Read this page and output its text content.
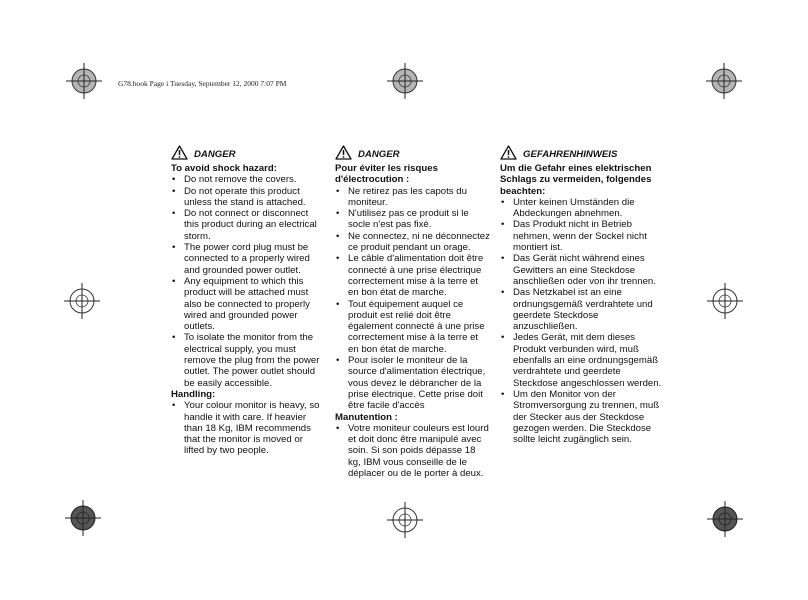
G78.book Page i Tuesday, September 12, 2000 7:07 PM
DANGER
To avoid shock hazard:
• Do not remove the covers.
• Do not operate this product unless the stand is attached.
• Do not connect or disconnect this product during an electrical storm.
• The power cord plug must be connected to a properly wired and grounded power outlet.
• Any equipment to which this product will be attached must also be connected to properly wired and grounded power outlets.
• To isolate the monitor from the electrical supply, you must remove the plug from the power outlet. The power outlet should be easily accessible.
Handling:
• Your colour monitor is heavy, so handle it with care. If heavier than 18 Kg, IBM recommends that the monitor is moved or lifted by two people.
DANGER
Pour éviter les risques d'électrocution :
• Ne retirez pas les capots du moniteur.
• N'utilisez pas ce produit si le socle n'est pas fixé.
• Ne connectez, ni ne déconnectez ce produit pendant un orage.
• Le câble d'alimentation doit être connecté à une prise électrique correctement mise à la terre et en bon état de marche.
• Tout équipement auquel ce produit est relié doit être également connecté à une prise correctement mise à la terre et en bon état de marche.
• Pour isoler le moniteur de la source d'alimentation électrique, vous devez le débrancher de la prise électrique. Cette prise doit être facile d'accès
Manutention :
• Votre moniteur couleurs est lourd et doit donc être manipulé avec soin. Si son poids dépasse 18 kg, IBM vous conseille de le déplacer ou de le porter à deux.
GEFAHRENHINWEIS
Um die Gefahr eines elektrischen Schlags zu vermeiden, folgendes beachten:
• Unter keinen Umständen die Abdeckungen abnehmen.
• Das Produkt nicht in Betrieb nehmen, wenn der Sockel nicht montiert ist.
• Das Gerät nicht während eines Gewitters an eine Steckdose anschließen oder von ihr trennen.
• Das Netzkabel ist an eine ordnungsgemäß verdrahtete und geerdete Steckdose anzuschließen.
• Jedes Gerät, mit dem dieses Produkt verbunden wird, muß ebenfalls an eine ordnungsgemäß verdrahtete und geerdete Steckdose angeschlossen werden.
• Um den Monitor von der Stromversorgung zu trennen, muß der Stecker aus der Steckdose gezogen werden. Die Steckdose sollte leicht zugänglich sein.
